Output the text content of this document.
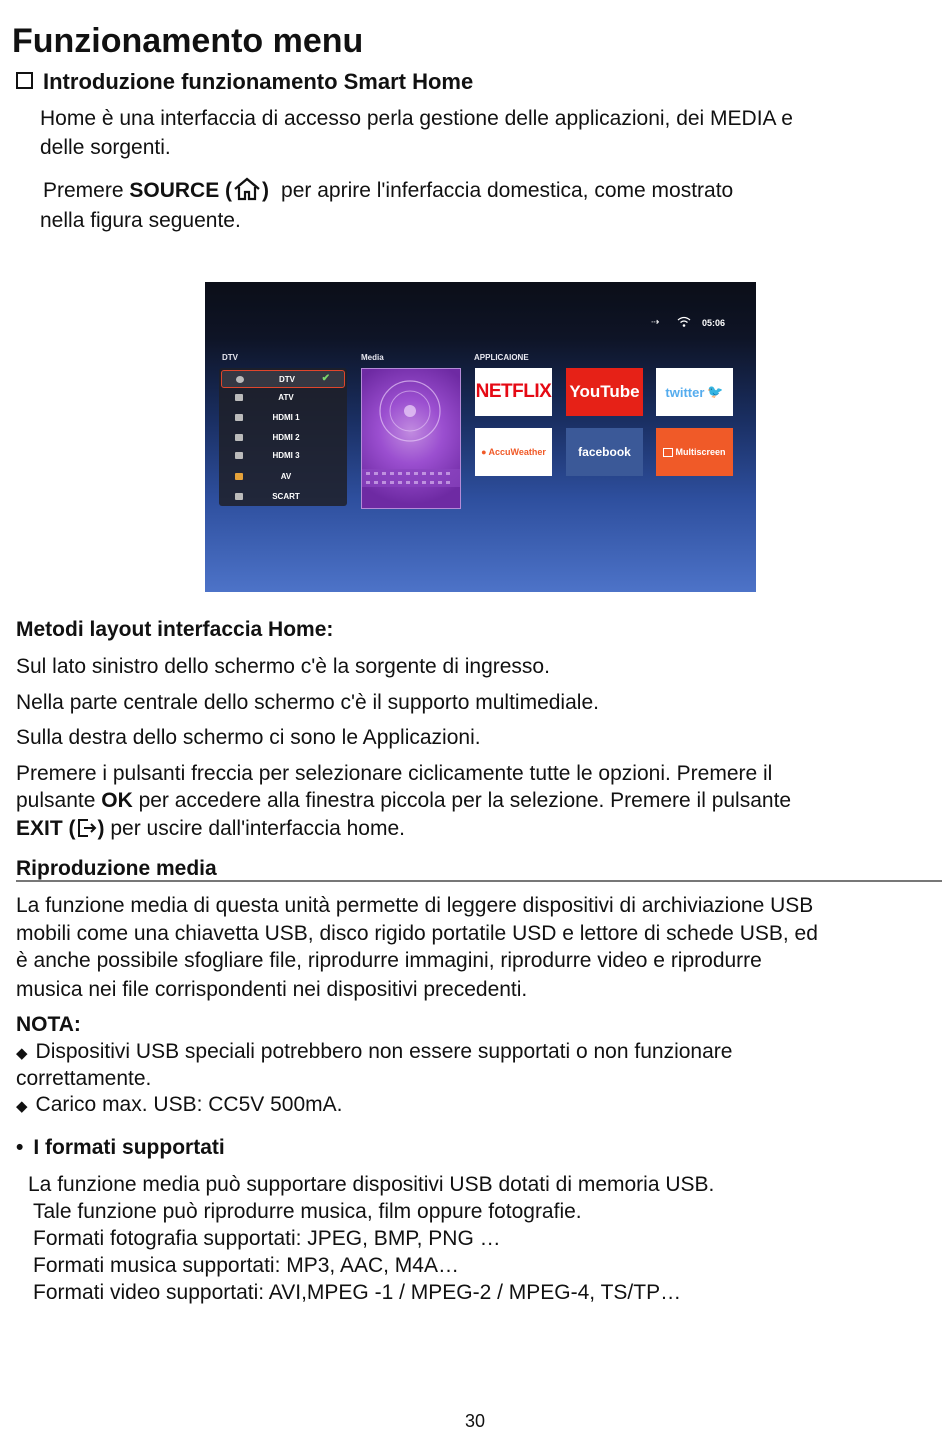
Funzionamento menu
Introduzione funzionamento Smart Home
Home è una interfaccia di accesso perla gestione delle applicazioni, dei MEDIA e
delle sorgenti.
Premere SOURCE ( ) per aprire l'inferfaccia domestica, come mostrato
nella figura seguente.
⇢	05:06
DTV	Media	APPLICAIONE
DTV	✔
ATV
HDMI 1
HDMI 2
HDMI 3
AV
SCART
NETFLIX YouTube twitter 🐦
● AccuWeather	facebook	Multiscreen
Metodi layout interfaccia Home:
Sul lato sinistro dello schermo c'è la sorgente di ingresso.
Nella parte centrale dello schermo c'è il supporto multimediale.
Sulla destra dello schermo ci sono le Applicazioni.
Premere i pulsanti freccia per selezionare ciclicamente tutte le opzioni. Premere il
pulsante OK per accedere alla finestra piccola per la selezione. Premere il pulsante
EXIT ( ) per uscire dall'interfaccia home.
Riproduzione media
La funzione media di questa unità permette di leggere dispositivi di archiviazione USB
mobili come una chiavetta USB, disco rigido portatile USD e lettore di schede USB, ed
è anche possibile sfogliare file, riprodurre immagini, riprodurre video e riprodurre
musica nei file corrispondenti nei dispositivi precedenti.
NOTA:
◆ Dispositivi USB speciali potrebbero non essere supportati o non funzionare
correttamente.
◆ Carico max. USB: CC5V 500mA.
• I formati supportati
La funzione media può supportare dispositivi USB dotati di memoria USB.
Tale funzione può riprodurre musica, film oppure fotografie.
Formati fotografia supportati: JPEG, BMP, PNG …
Formati musica supportati: MP3, AAC, M4A…
Formati video supportati: AVI,MPEG -1 / MPEG-2 / MPEG-4, TS/TP…
30
